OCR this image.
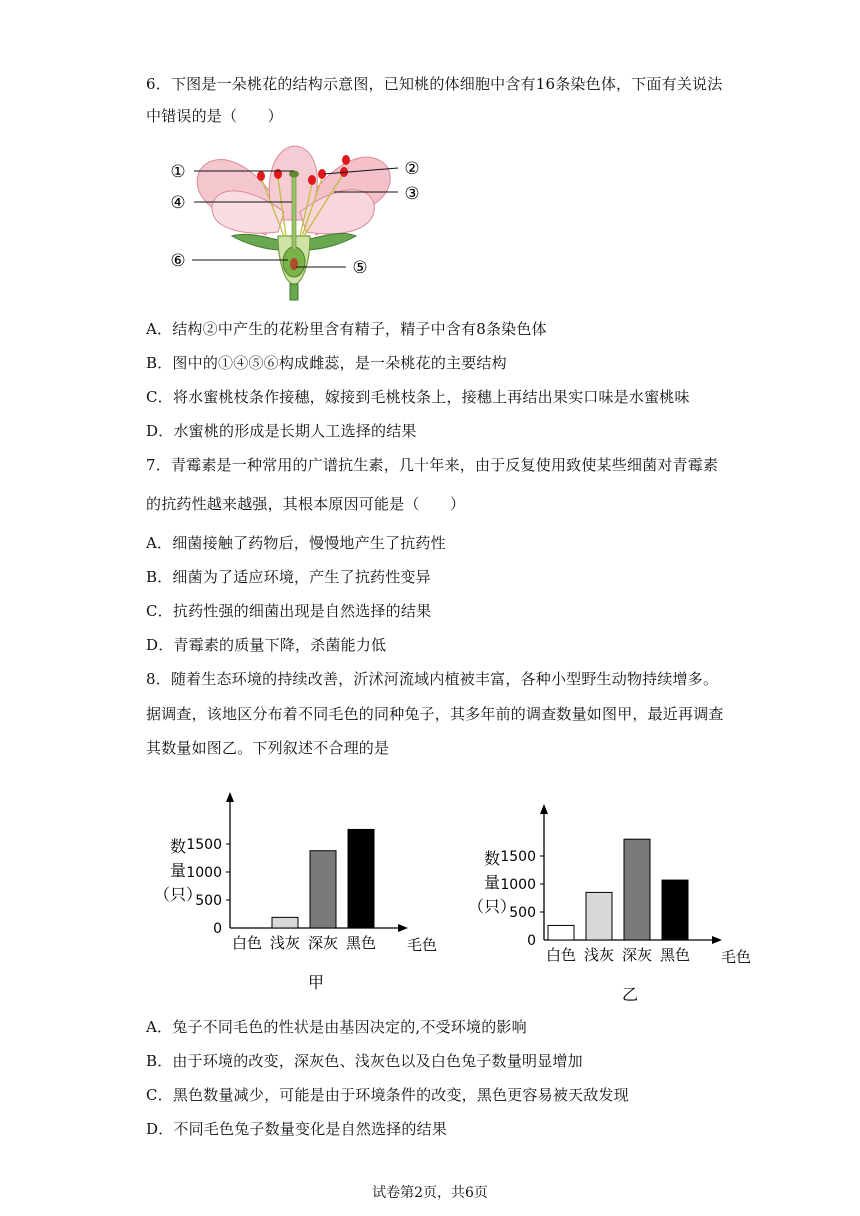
6．下图是一朵桃花的结构示意图，已知桃的体细胞中含有16条染色体，下面有关说法
中错误的是（　　）
①	②
③
④
⑤
⑥
A．结构②中产生的花粉里含有精子，精子中含有8条染色体
B．图中的①④⑤⑥构成雌蕊，是一朵桃花的主要结构
C．将水蜜桃枝条作接穗，嫁接到毛桃枝条上，接穗上再结出果实口味是水蜜桃味
D．水蜜桃的形成是长期人工选择的结果
7．青霉素是一种常用的广谱抗生素，几十年来，由于反复使用致使某些细菌对青霉素
的抗药性越来越强，其根本原因可能是（　　）
A．细菌接触了药物后，慢慢地产生了抗药性
B．细菌为了适应环境，产生了抗药性变异
C．抗药性强的细菌出现是自然选择的结果
D．青霉素的质量下降，杀菌能力低
8．随着生态环境的持续改善，沂沭河流域内植被丰富，各种小型野生动物持续增多。
据调查，该地区分布着不同毛色的同种兔子，其多年前的调查数量如图甲，最近再调查
其数量如图乙。下列叙述不合理的是
0
500
1000
1500
数
量
（只）
白色 浅灰 深灰 黑色 毛色
甲
0
500
1000
1500
数
量
（只）
白色 浅灰 深灰 黑色 毛色
乙
A．兔子不同毛色的性状是由基因决定的,不受环境的影响
B．由于环境的改变，深灰色、浅灰色以及白色兔子数量明显增加
C．黑色数量减少，可能是由于环境条件的改变，黑色更容易被天敌发现
D．不同毛色兔子数量变化是自然选择的结果
试卷第2页，共6页
